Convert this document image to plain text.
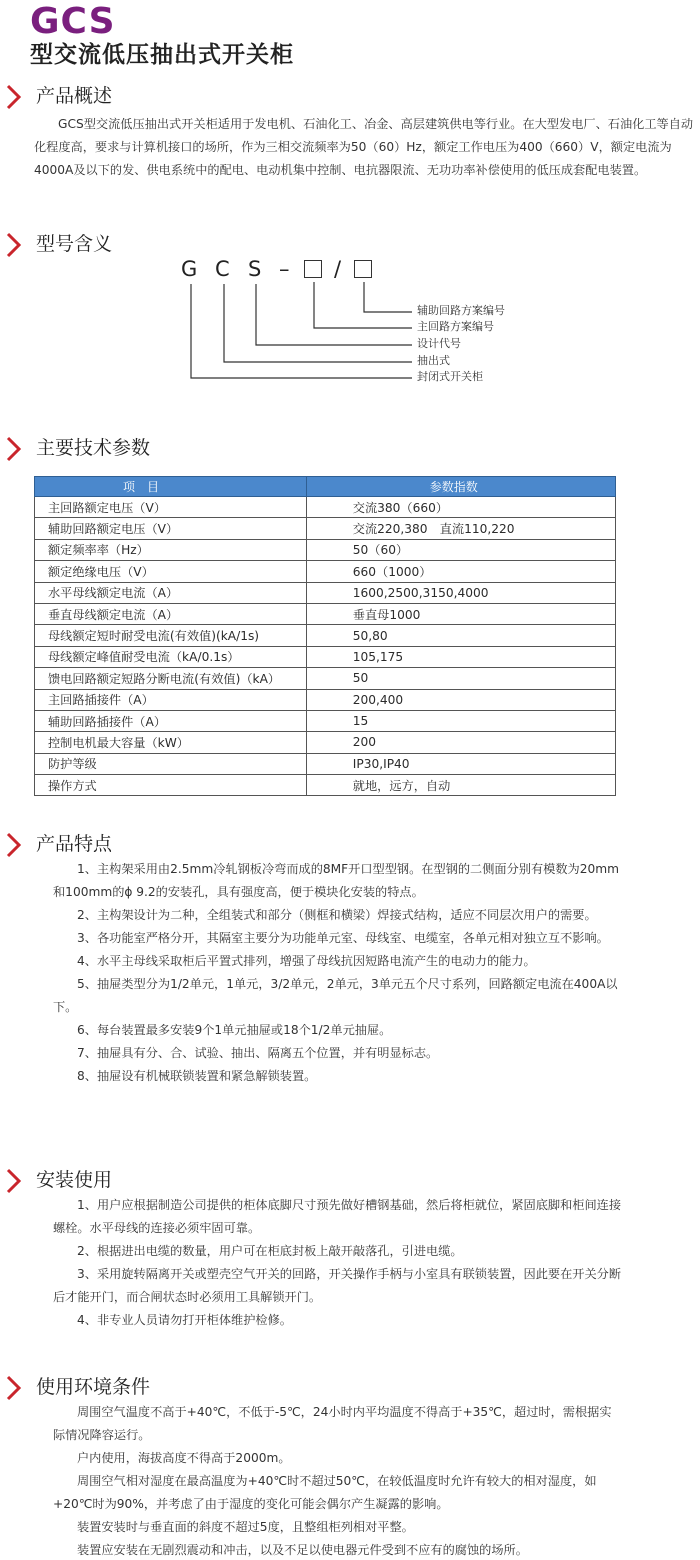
GCS
型交流低压抽出式开关柜
产品概述
GCS型交流低压抽出式开关柜适用于发电机、石油化工、冶金、高层建筑供电等行业。在大型发电厂、石油化工等自动化程度高，要求与计算机接口的场所，作为三相交流频率为50（60）Hz，额定工作电压为400（660）V，额定电流为4000A及以下的发、供电系统中的配电、电动机集中控制、电抗器限流、无功功率补偿使用的低压成套配电装置。
型号含义
G C S – /
辅助回路方案编号
主回路方案编号
设计代号
抽出式
封闭式开关柜
主要技术参数
项　目	参数指数
主回路额定电压（V）	交流380（660）
辅助回路额定电压（V）	交流220,380　直流110,220
额定频率率（Hz）	50（60）
额定绝缘电压（V）	660（1000）
水平母线额定电流（A）	1600,2500,3150,4000
垂直母线额定电流（A）	垂直母1000
母线额定短时耐受电流(有效值)(kA/1s)	50,80
母线额定峰值耐受电流（kA/0.1s）	105,175
馈电回路额定短路分断电流(有效值)（kA）	50
主回路插接件（A）	200,400
辅助回路插接件（A）	15
控制电机最大容量（kW）	200
防护等级	IP30,IP40
操作方式	就地，远方，自动
产品特点

1、主构架采用由2.5mm冷轧钢板冷弯而成的8MF开口型型钢。在型钢的二侧面分别有模数为20mm和100mm的ϕ 9.2的安装孔，具有强度高，便于模块化安装的特点。

2、主构架设计为二种，全组装式和部分（侧框和横梁）焊接式结构，适应不同层次用户的需要。

3、各功能室严格分开，其隔室主要分为功能单元室、母线室、电缆室，各单元相对独立互不影响。

4、水平主母线采取柜后平置式排列，增强了母线抗因短路电流产生的电动力的能力。

5、抽屉类型分为1/2单元，1单元，3/2单元，2单元，3单元五个尺寸系列，回路额定电流在400A以下。

6、每台装置最多安装9个1单元抽屉或18个1/2单元抽屉。

7、抽屉具有分、合、试验、抽出、隔离五个位置，并有明显标志。

8、抽屉设有机械联锁装置和紧急解锁装置。

安装使用

1、用户应根据制造公司提供的柜体底脚尺寸预先做好槽钢基础，然后将柜就位，紧固底脚和柜间连接螺栓。水平母线的连接必须牢固可靠。

2、根据进出电缆的数量，用户可在柜底封板上敲开敲落孔，引进电缆。

3、采用旋转隔离开关或塑壳空气开关的回路，开关操作手柄与小室具有联锁装置，因此要在开关分断后才能开门，而合闸状态时必须用工具解锁开门。

4、非专业人员请勿打开柜体维护检修。

使用环境条件

周围空气温度不高于+40℃，不低于-5℃，24小时内平均温度不得高于+35℃，超过时，需根据实际情况降容运行。

户内使用，海拔高度不得高于2000m。

周围空气相对湿度在最高温度为+40℃时不超过50℃，在较低温度时允许有较大的相对湿度，如+20℃时为90%，并考虑了由于湿度的变化可能会偶尔产生凝露的影响。

装置安装时与垂直面的斜度不超过5度，且整组柜列相对平整。

装置应安装在无剧烈震动和冲击，以及不足以使电器元件受到不应有的腐蚀的场所。
